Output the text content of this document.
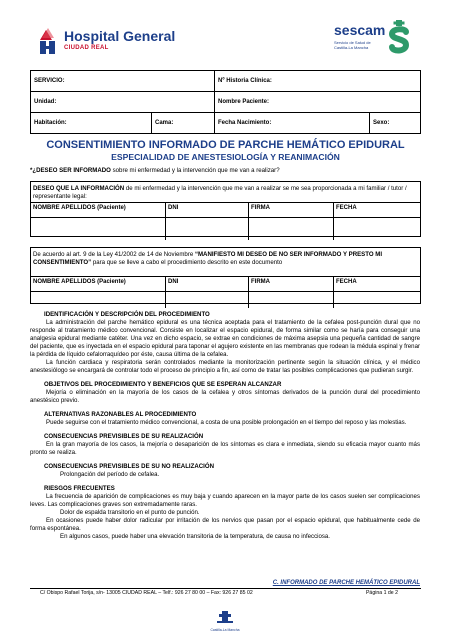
Hospital General
CIUDAD REAL
sescam
Servicio de Salud de Castilla-La Mancha
SERVICIO:		Nº Historia Clínica:	
Unidad:		Nombre Paciente:	
Habitación:	Cama:	Fecha Nacimiento:	Sexo:
CONSENTIMIENTO INFORMADO DE PARCHE HEMÁTICO EPIDURAL
ESPECIALIDAD DE ANESTESIOLOGÍA Y REANIMACIÓN
*¿DESEO SER INFORMADO sobre mi enfermedad y la intervención que me van a realizar?
DESEO QUE LA INFORMACIÓN de mi enfermedad y la intervención que me van a realizar se me sea proporcionada a mi familiar / tutor / representante legal:
NOMBRE APELLIDOS (Paciente)	DNI	FIRMA	FECHA

De acuerdo al art. 9 de la Ley 41/2002 de 14 de Noviembre “MANIFIESTO MI DESEO DE NO SER INFORMADO Y PRESTO MI CONSENTIMIENTO” para que se lleve a cabo el procedimiento descrito en este documento
NOMBRE APELLIDOS (Paciente)	DNI	FIRMA	FECHA

IDENTIFICACIÓN Y DESCRIPCIÓN DEL PROCEDIMIENTO

La administración del parche hemático epidural es una técnica aceptada para el tratamiento de la cefalea post-punción dural que no responde al tratamiento médico convencional. Consiste en localizar el espacio epidural, de forma similar como se haría para conseguir una analgesia epidural mediante catéter. Una vez en dicho espacio, se extrae en condiciones de máxima asepsia una pequeña cantidad de sangre del paciente, que es inyectada en el espacio epidural para taponar el agujero existente en las membranas que rodean la médula espinal y frenar la pérdida de líquido cefalorraquídeo por éste, causa última de la cefalea.

La función cardiaca y respiratoria serán controlados mediante la monitorización pertinente según la situación clínica, y el médico anestesiólogo se encargará de controlar todo el proceso de principio a fin, así como de tratar las posibles complicaciones que pudieran surgir.

OBJETIVOS DEL PROCEDIMIENTO Y BENEFICIOS QUE SE ESPERAN ALCANZAR

Mejoría o eliminación en la mayoría de los casos de la cefalea y otros síntomas derivados de la punción dural del procedimiento anestésico previo.

ALTERNATIVAS RAZONABLES AL PROCEDIMIENTO

Puede seguirse con el tratamiento médico convencional, a costa de una posible prolongación en el tiempo del reposo y las molestias.

CONSECUENCIAS PREVISIBLES DE SU REALIZACIÓN

En la gran mayoría de los casos, la mejoría o desaparición de los síntomas es clara e inmediata, siendo su eficacia mayor cuanto más pronto se realiza.

CONSECUENCIAS PREVISIBLES DE SU NO REALIZACIÓN

Prolongación del período de cefalea.

RIESGOS FRECUENTES

La frecuencia de aparición de complicaciones es muy baja y cuando aparecen en la mayor parte de los casos suelen ser complicaciones leves. Las complicaciones graves son extremadamente raras.

Dolor de espalda transitorio en el punto de punción.

En ocasiones puede haber dolor radicular por irritación de los nervios que pasan por el espacio epidural, que habitualmente cede de forma espontánea.

En algunos casos, puede haber una elevación transitoria de la temperatura, de causa no infecciosa.

C. INFORMADO DE PARCHE HEMÁTICO EPIDURAL
C/ Obispo Rafael Torija, s/n- 13005 CIUDAD REAL – Telf.: 926 27 80 00 – Fax: 926 27 85 02	Página 1 de 2
Castilla-La Mancha
